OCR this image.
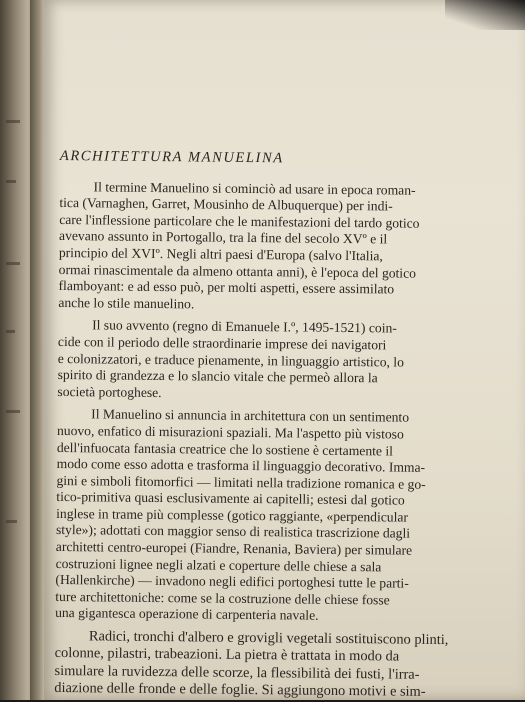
ARCHITETTURA MANUELINA
Il termine Manuelino si cominciò ad usare in epoca roman-
tica (Varnaghen, Garret, Mousinho de Albuquerque) per indi-
care l'inflessione particolare che le manifestazioni del tardo gotico
avevano assunto in Portogallo, tra la fine del secolo XVº e il
principio del XVIº. Negli altri paesi d'Europa (salvo l'Italia,
ormai rinascimentale da almeno ottanta anni), è l'epoca del gotico
flamboyant: e ad esso può, per molti aspetti, essere assimilato
anche lo stile manuelino.
Il suo avvento (regno di Emanuele I.º, 1495-1521) coin-
cide con il periodo delle straordinarie imprese dei navigatori
e colonizzatori, e traduce pienamente, in linguaggio artistico, lo
spirito di grandezza e lo slancio vitale che permeò allora la
società portoghese.
Il Manuelino si annuncia in architettura con un sentimento
nuovo, enfatico di misurazioni spaziali. Ma l'aspetto più vistoso
dell'infuocata fantasia creatrice che lo sostiene è certamente il
modo come esso adotta e trasforma il linguaggio decorativo. Imma-
gini e simboli fitomorfici — limitati nella tradizione romanica e go-
tico-primitiva quasi esclusivamente ai capitelli; estesi dal gotico
inglese in trame più complesse (gotico raggiante, «perpendicular
style»); adottati con maggior senso di realistica trascrizione dagli
architetti centro-europei (Fiandre, Renania, Baviera) per simulare
costruzioni lignee negli alzati e coperture delle chiese a sala
(Hallenkirche) — invadono negli edifici portoghesi tutte le parti-
ture architettoniche: come se la costruzione delle chiese fosse
una gigantesca operazione di carpenteria navale.
Radici, tronchi d'albero e grovigli vegetali sostituiscono plinti,
colonne, pilastri, trabeazioni. La pietra è trattata in modo da
simulare la ruvidezza delle scorze, la flessibilità dei fusti, l'irra-
diazione delle fronde e delle foglie. Si aggiungono motivi e sim-
